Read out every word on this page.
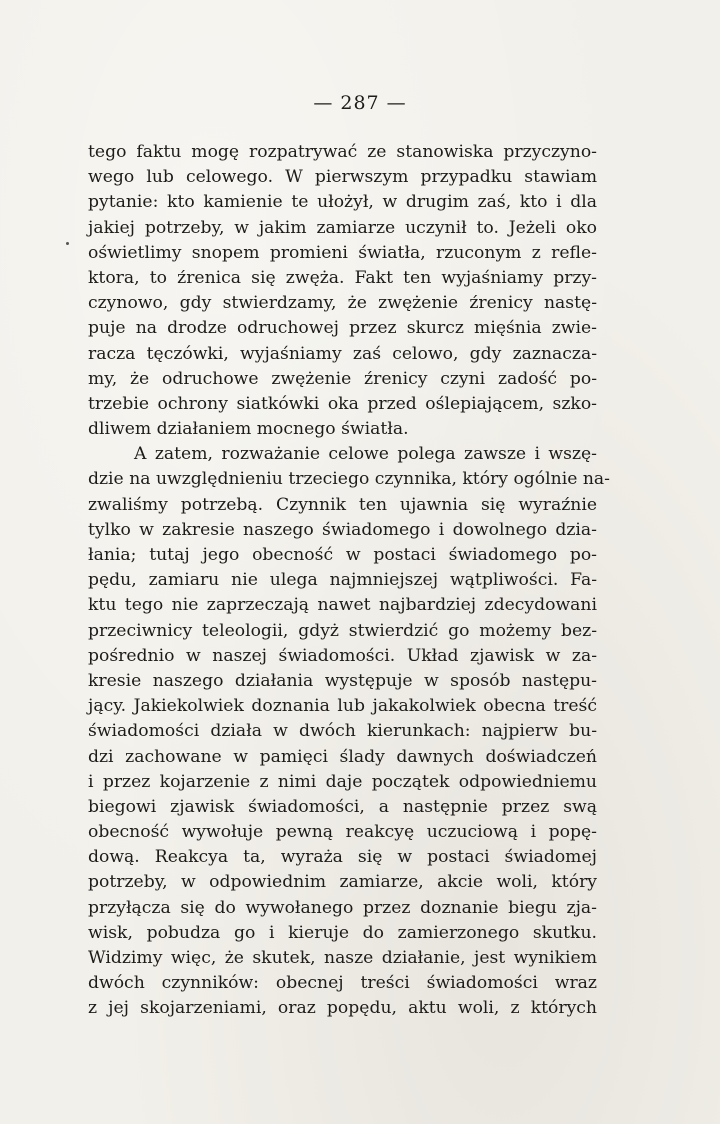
— 287 —
tego faktu mogę rozpatrywać ze stanowiska przyczyno-
wego lub celowego. W pierwszym przypadku stawiam
pytanie: kto kamienie te ułożył, w drugim zaś, kto i dla
jakiej potrzeby, w jakim zamiarze uczynił to. Jeżeli oko
oświetlimy snopem promieni światła, rzuconym z refle-
ktora, to źrenica się zwęża. Fakt ten wyjaśniamy przy-
czynowo, gdy stwierdzamy, że zwężenie źrenicy nastę-
puje na drodze odruchowej przez skurcz mięśnia zwie-
racza tęczówki, wyjaśniamy zaś celowo, gdy zaznacza-
my, że odruchowe zwężenie źrenicy czyni zadość po-
trzebie ochrony siatkówki oka przed oślepiającem, szko-
dliwem działaniem mocnego światła.
A zatem, rozważanie celowe polega zawsze i wszę-
dzie na uwzględnieniu trzeciego czynnika, który ogólnie na-
zwaliśmy potrzebą. Czynnik ten ujawnia się wyraźnie
tylko w zakresie naszego świadomego i dowolnego dzia-
łania; tutaj jego obecność w postaci świadomego po-
pędu, zamiaru nie ulega najmniejszej wątpliwości. Fa-
ktu tego nie zaprzeczają nawet najbardziej zdecydowani
przeciwnicy teleologii, gdyż stwierdzić go możemy bez-
pośrednio w naszej świadomości. Układ zjawisk w za-
kresie naszego działania występuje w sposób następu-
jący. Jakiekolwiek doznania lub jakakolwiek obecna treść
świadomości działa w dwóch kierunkach: najpierw bu-
dzi zachowane w pamięci ślady dawnych doświadczeń
i przez kojarzenie z nimi daje początek odpowiedniemu
biegowi zjawisk świadomości, a następnie przez swą
obecność wywołuje pewną reakcyę uczuciową i popę-
dową. Reakcya ta, wyraża się w postaci świadomej
potrzeby, w odpowiednim zamiarze, akcie woli, który
przyłącza się do wywołanego przez doznanie biegu zja-
wisk, pobudza go i kieruje do zamierzonego skutku.
Widzimy więc, że skutek, nasze działanie, jest wynikiem
dwóch czynników: obecnej treści świadomości wraz
z jej skojarzeniami, oraz popędu, aktu woli, z których
